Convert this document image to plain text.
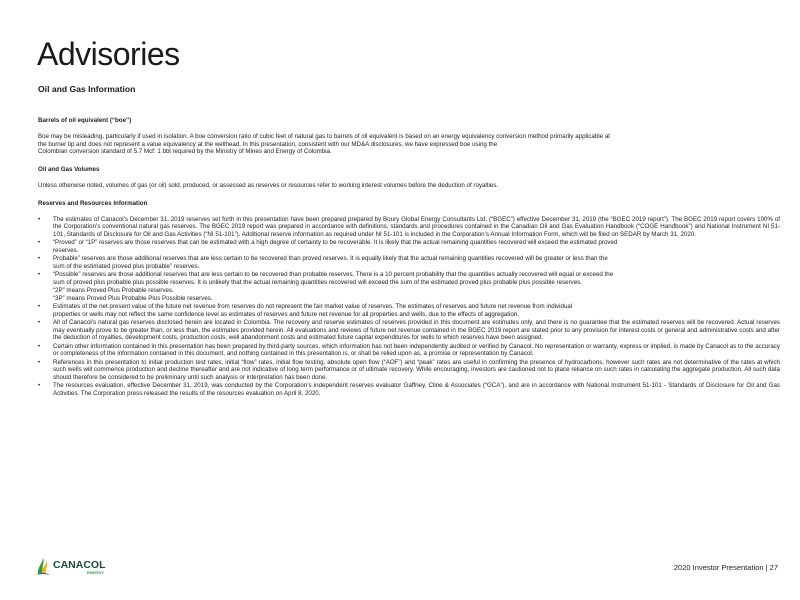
Advisories
Oil and Gas Information
Barrels of oil equivalent (“boe”)
Boe may be misleading, particularly if used in isolation. A boe conversion ratio of cubic feet of natural gas to barrels of oil equivalent is based on an energy equivalency conversion method primarily applicable at
the burner tip and does not represent a value equivalency at the wellhead. In this presentation, consistent with our MD&A disclosures, we have expressed boe using the
Colombian conversion standard of 5.7 Mcf: 1 bbl required by the Ministry of Mines and Energy of Colombia.
Oil and Gas Volumes
Unless otherwise noted, volumes of gas (or oil) sold, produced, or assessed as reserves or resources refer to working interest volumes before the deduction of royalties.
Reserves and Resources Information
• The estimates of Canacol’s December 31, 2019 reserves set forth in this presentation have been prepared prepared by Boury Global Energy Consultants Ltd. (“BGEC”) effective December 31, 2019 (the “BGEC 2019 report”). The BGEC 2019 report covers 100% of the Corporation’s conventional natural gas reserves. The BGEC 2019 report was prepared in accordance with definitions, standards and procedures contained in the Canadian Oil and Gas Evaluation Handbook (“COGE Handbook”) and National Instrument NI 51-101, Standards of Disclosure for Oil and Gas Activities (“NI 51-101”). Additional reserve information as required under NI 51-101 is included in the Corporation’s Annual Information Form, which will be filed on SEDAR by March 31, 2020.
• “Proved” or “1P” reserves are those reserves that can be estimated with a high degree of certainty to be recoverable. It is likely that the actual remaining quantities recovered will exceed the estimated proved
reserves.
• Probable” reserves are those additional reserves that are less certain to be recovered than proved reserves. It is equally likely that the actual remaining quantities recovered will be greater or less than the
sum of the estimated proved plus probable” reserves.
• “Possible” reserves are those additional reserves that are less certain to be recovered than probable reserves. There is a 10 percent probability that the quantities actually recovered will equal or exceed the
sum of proved plus probable plus possible reserves. It is unlikely that the actual remaining quantities recovered will exceed the sum of the estimated proved plus probable plus possible reserves.
“2P” means Proved Plus Probable reserves.
“3P” means Proved Plus Probable Plus Possible reserves.
• Estimates of the net present value of the future net revenue from reserves do not represent the fair market value of reserves. The estimates of reserves and future net revenue from individual
properties or wells may not reflect the same confidence level as estimates of reserves and future net revenue for all properties and wells, due to the effects of aggregation.
• All of Canacol’s natural gas reserves disclosed herein are located in Colombia. The recovery and reserve estimates of reserves provided in this document are estimates only, and there is no guarantee that the estimated reserves will be recovered. Actual reserves may eventually prove to be greater than, or less than, the estimates provided herein. All evaluations and reviews of future net revenue contained in the BGEC 2019 report are stated prior to any provision for interest costs or general and administrative costs and after the deduction of royalties, development costs, production costs, well abandonment costs and estimated future capital expenditures for wells to which reserves have been assigned.
• Certain other information contained in this presentation has been prepared by third-party sources, which information has not been independently audited or verified by Canacol. No representation or warranty, express or implied, is made by Canacol as to the accuracy or completeness of the information contained in this document, and nothing contained in this presentation is, or shall be relied upon as, a promise or representation by Canacol.
• References in this presentation to initial production test rates, initial “flow” rates, initial flow testing, absolute open flow (“AOF”) and “peak” rates are useful in confirming the presence of hydrocarbons, however such rates are not determinative of the rates at which such wells will commence production and decline thereafter and are not indicative of long term performance or of ultimate recovery. While encouraging, investors are cautioned not to place reliance on such rates in calculating the aggregate production. All such data should therefore be considered to be preliminary until such analysis or interpretation has been done.
• The resources evaluation, effective December 31, 2019, was conducted by the Corporation’s independent reserves evaluator Gaffney, Cline & Associates (“GCA”), and are in accordance with National Instrument 51-101 - Standards of Disclosure for Oil and Gas Activities. The Corporation press released the results of the resources evaluation on April 8, 2020.
CANACOL
ENERGY
2020 Investor Presentation | 27
